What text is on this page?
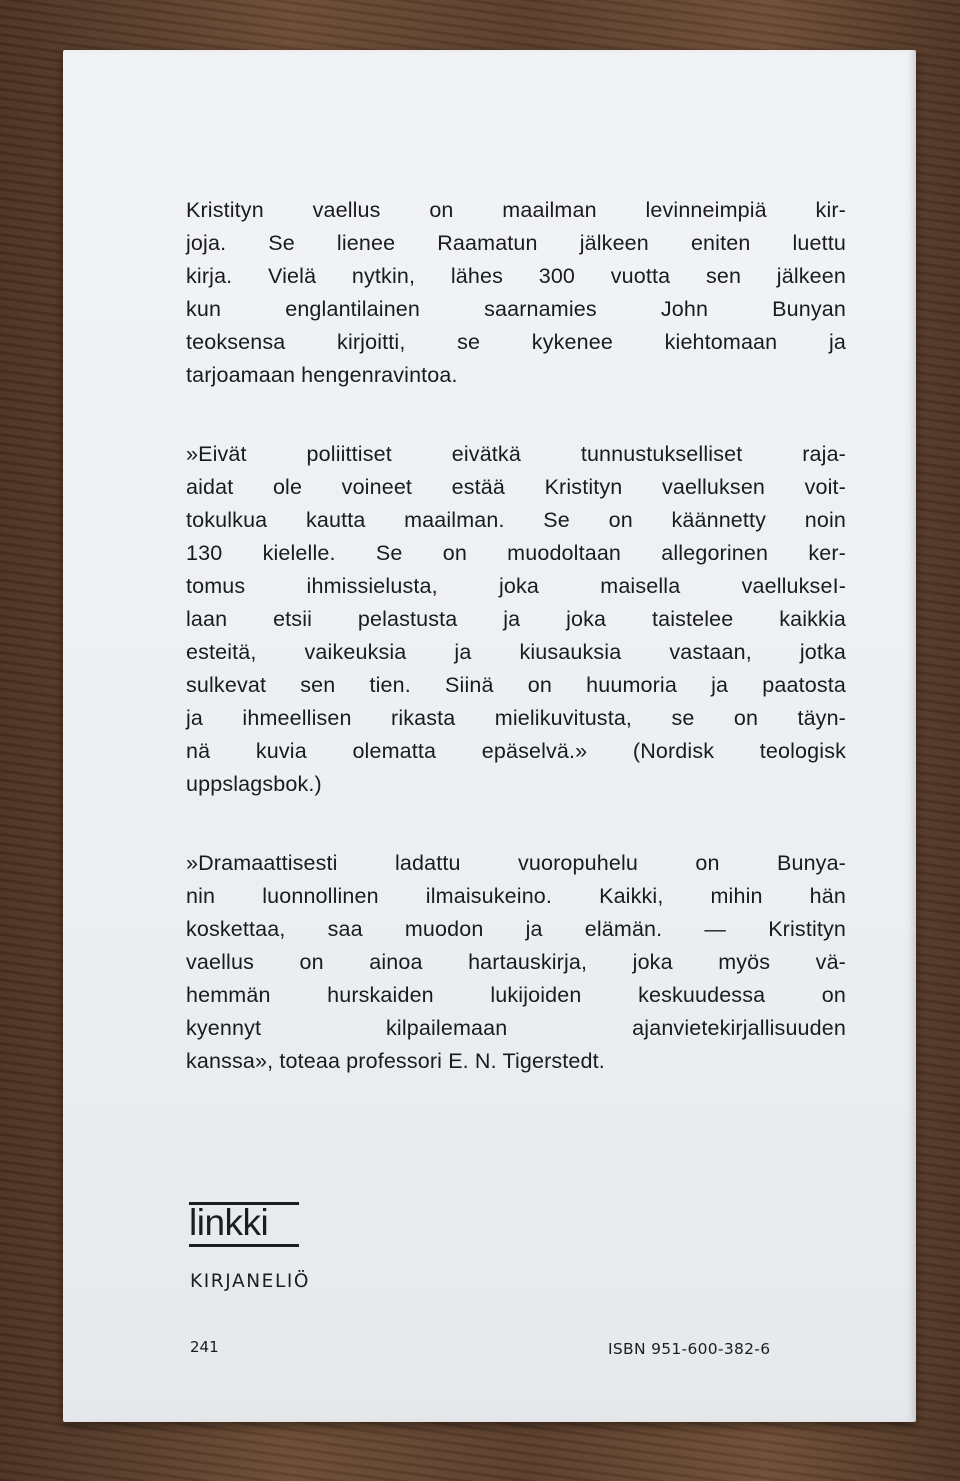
Kristityn vaellus on maailman levinneimpiä kir-
joja. Se lienee Raamatun jälkeen eniten luettu
kirja. Vielä nytkin, lähes 300 vuotta sen jälkeen
kun englantilainen saarnamies John Bunyan
teoksensa kirjoitti, se kykenee kiehtomaan ja
tarjoamaan hengenravintoa.
»Eivät poliittiset eivätkä tunnustukselliset raja-
aidat ole voineet estää Kristityn vaelluksen voit-
tokulkua kautta maailman. Se on käännetty noin
130 kielelle. Se on muodoltaan allegorinen ker-
tomus ihmissielusta, joka maisella vaellukseI-
laan etsii pelastusta ja joka taistelee kaikkia
esteitä, vaikeuksia ja kiusauksia vastaan, jotka
sulkevat sen tien. Siinä on huumoria ja paatosta
ja ihmeellisen rikasta mielikuvitusta, se on täyn-
nä kuvia olematta epäselvä.» (Nordisk teologisk
uppslagsbok.)
»Dramaattisesti ladattu vuoropuhelu on Bunya-
nin luonnollinen ilmaisukeino. Kaikki, mihin hän
koskettaa, saa muodon ja elämän. — Kristityn
vaellus on ainoa hartauskirja, joka myös vä-
hemmän hurskaiden lukijoiden keskuudessa on
kyennyt kilpailemaan ajanvietekirjallisuuden
kanssa», toteaa professori E. N. Tigerstedt.
linkki
KIRJANELIÖ
241	ISBN 951-600-382-6
